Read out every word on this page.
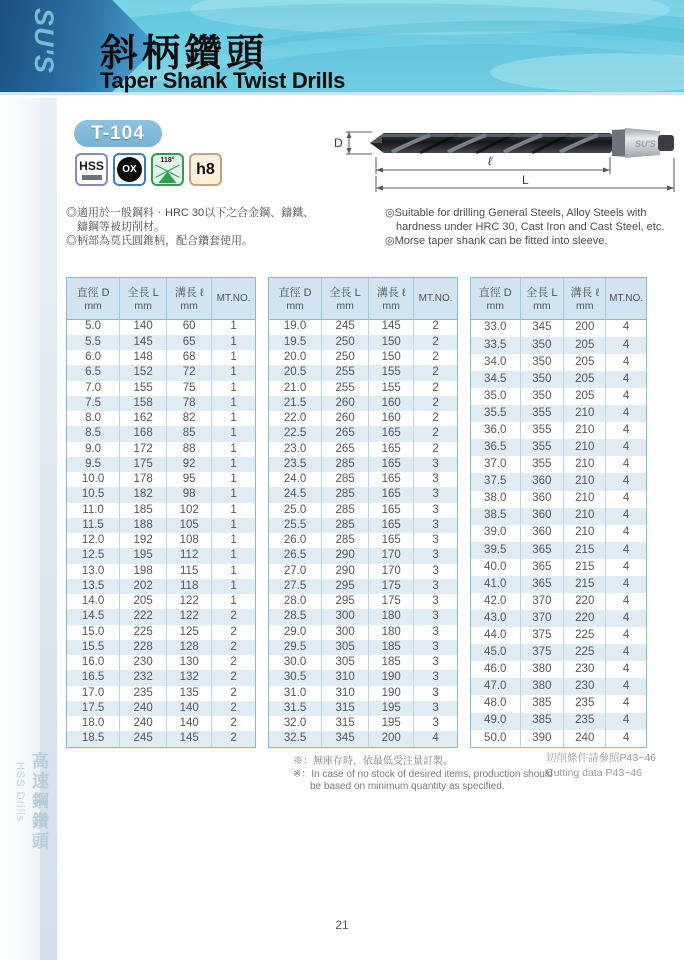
SU'S 斜柄鑽頭
Taper Shank Twist Drills
高速鋼鑽頭
HSS Drills
T-104
HSS	OX
118° h8
SU'S
D
ℓ
L
◎適用於一般鋼料‧HRC 30以下之合金鋼、鑄鐵、
鑄鋼等被切削材。
◎柄部為莫氏圓錐柄，配合鑽套使用。
◎Suitable for drilling General Steels, Alloy Steels with
hardness under HRC 30, Cast Iron and Cast Steel, etc.
◎Morse taper shank can be fitted into sleeve.
直徑 D
mm

全長 L
mm

溝長 ℓ
mm
	MT.NO.
5.0	140	60	1
5.5	145	65	1
6.0	148	68	1
6.5	152	72	1
7.0	155	75	1
7.5	158	78	1
8.0	162	82	1
8.5	168	85	1
9.0	172	88	1
9.5	175	92	1
10.0	178	95	1
10.5	182	98	1
11.0	185	102	1
11.5	188	105	1
12.0	192	108	1
12.5	195	112	1
13.0	198	115	1
13.5	202	118	1
14.0	205	122	1
14.5	222	122	2
15.0	225	125	2
15.5	228	128	2
16.0	230	130	2
16.5	232	132	2
17.0	235	135	2
17.5	240	140	2
18.0	240	140	2
18.5	245	145	2
直徑 D
mm

全長 L
mm

溝長 ℓ
mm
	MT.NO.
19.0	245	145	2
19.5	250	150	2
20.0	250	150	2
20.5	255	155	2
21.0	255	155	2
21.5	260	160	2
22.0	260	160	2
22.5	265	165	2
23.0	265	165	2
23.5	285	165	3
24.0	285	165	3
24.5	285	165	3
25.0	285	165	3
25.5	285	165	3
26.0	285	165	3
26.5	290	170	3
27.0	290	170	3
27.5	295	175	3
28.0	295	175	3
28.5	300	180	3
29.0	300	180	3
29.5	305	185	3
30.0	305	185	3
30.5	310	190	3
31.0	310	190	3
31.5	315	195	3
32.0	315	195	3
32.5	345	200	4
直徑 D
mm

全長 L
mm

溝長 ℓ
mm
	MT.NO.
33.0	345	200	4
33.5	350	205	4
34.0	350	205	4
34.5	350	205	4
35.0	350	205	4
35.5	355	210	4
36.0	355	210	4
36.5	355	210	4
37.0	355	210	4
37.5	360	210	4
38.0	360	210	4
38.5	360	210	4
39.0	360	210	4
39.5	365	215	4
40.0	365	215	4
41.0	365	215	4
42.0	370	220	4
43.0	370	220	4
44.0	375	225	4
45.0	375	225	4
46.0	380	230	4
47.0	380	230	4
48.0	385	235	4
49.0	385	235	4
50.0	390	240	4

※：無庫存時，依最低受注量訂製。
※：In case of no stock of desired items, production should
be based on minimum quantity as specified.
切削條件請參照P43~46
Cutting data P43~46
21
